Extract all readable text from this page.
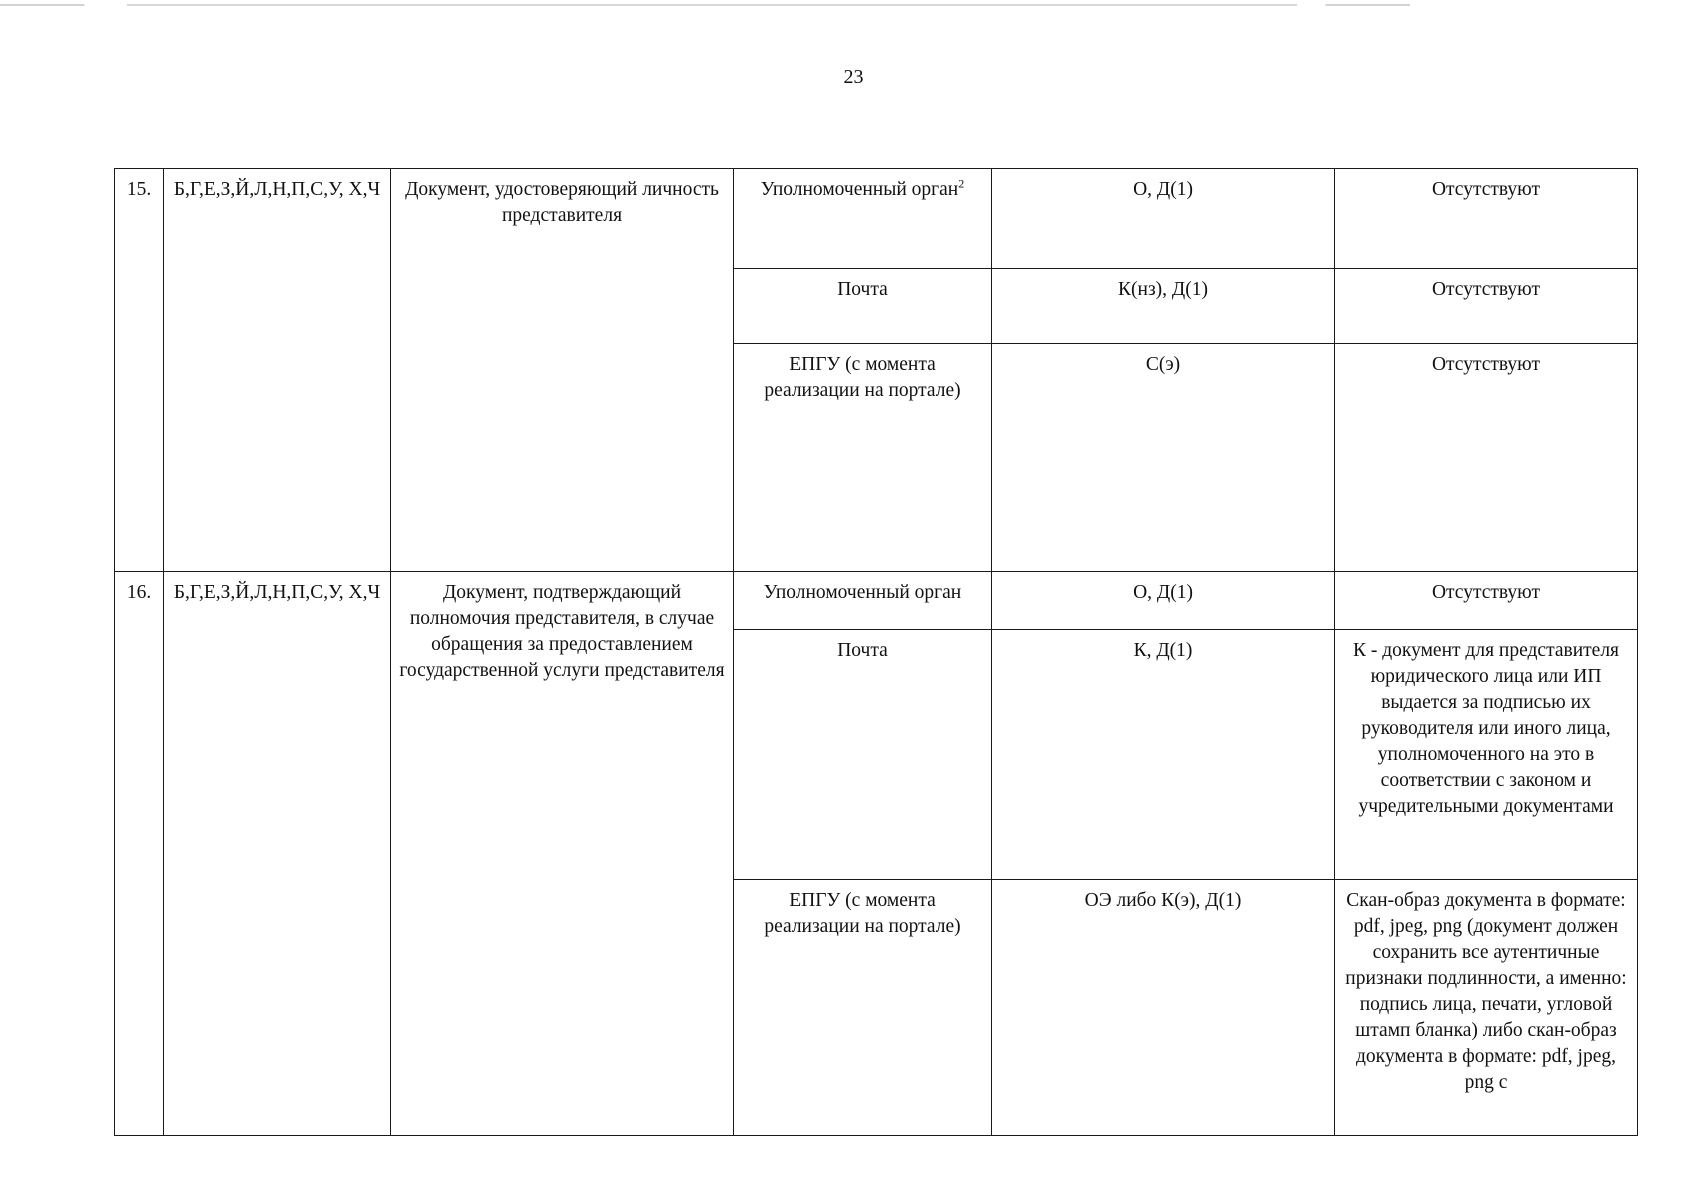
23
15.	Б,Г,Е,З,Й,Л,Н,П,С,У, Х,Ч	Документ, удостоверяющий личность представителя	Уполномоченный орган$^2$	О, Д(1)	Отсутствуют
			Почта	К(нз), Д(1)	Отсутствуют
			ЕПГУ (с момента реализации на портале)	С(э)	Отсутствуют
16.	Б,Г,Е,З,Й,Л,Н,П,С,У, Х,Ч	Документ, подтверждающий полномочия представителя, в случае обращения за предоставлением государственной услуги представителя	Уполномоченный орган	О, Д(1)	Отсутствуют
			Почта	К, Д(1)	К - документ для представителя юридического лица или ИП выдается за подписью их руководителя или иного лица, уполномоченного на это в соответствии с законом и учредительными документами
			ЕПГУ (с момента реализации на портале)	ОЭ либо К(э), Д(1)	Скан-образ документа в формате: pdf, jpeg, png (документ должен сохранить все аутентичные признаки подлинности, а именно: подпись лица, печати, угловой штамп бланка) либо скан-образ документа в формате: pdf, jpeg, png с
